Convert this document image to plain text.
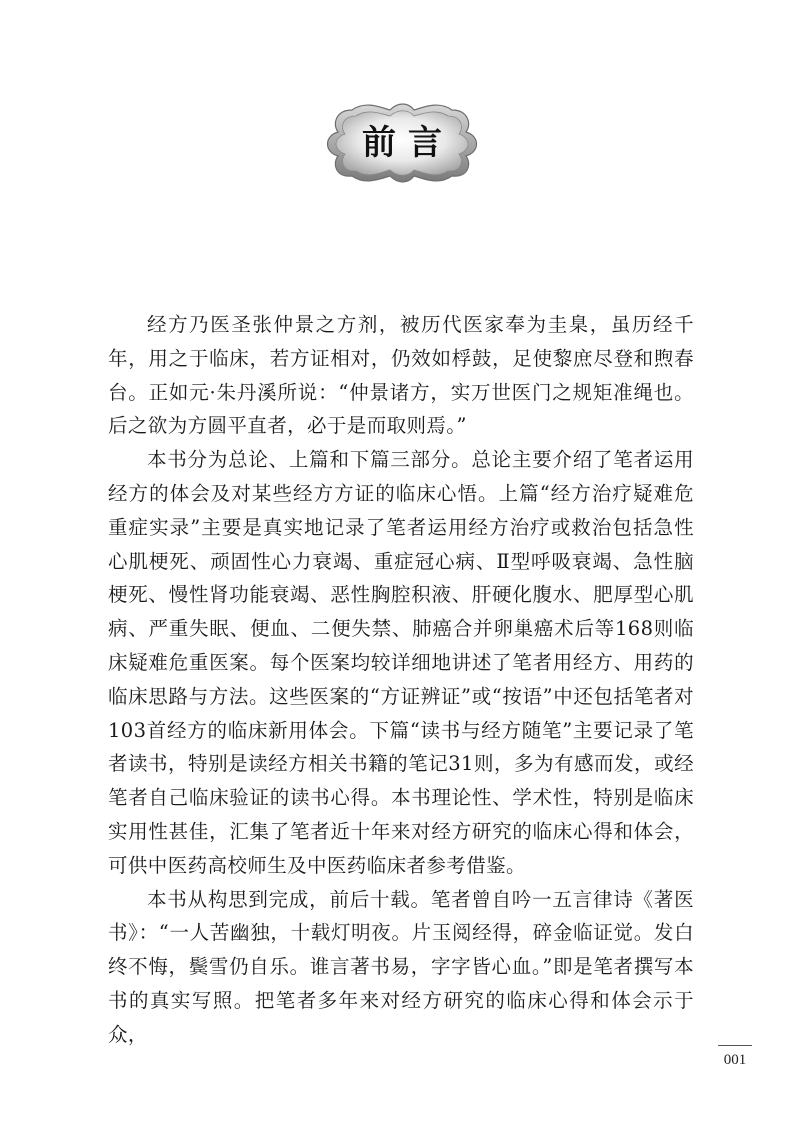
前言

经方乃医圣张仲景之方剂，被历代医家奉为圭臬，虽历经千年，用之于临床，若方证相对，仍效如桴鼓，足使黎庶尽登和煦春台。正如元·朱丹溪所说：“仲景诸方，实万世医门之规矩准绳也。后之欲为方圆平直者，必于是而取则焉。”

本书分为总论、上篇和下篇三部分。总论主要介绍了笔者运用经方的体会及对某些经方方证的临床心悟。上篇“经方治疗疑难危重症实录”主要是真实地记录了笔者运用经方治疗或救治包括急性心肌梗死、顽固性心力衰竭、重症冠心病、Ⅱ型呼吸衰竭、急性脑梗死、慢性肾功能衰竭、恶性胸腔积液、肝硬化腹水、肥厚型心肌病、严重失眠、便血、二便失禁、肺癌合并卵巢癌术后等168则临床疑难危重医案。每个医案均较详细地讲述了笔者用经方、用药的临床思路与方法。这些医案的“方证辨证”或“按语”中还包括笔者对103首经方的临床新用体会。下篇“读书与经方随笔”主要记录了笔者读书，特别是读经方相关书籍的笔记31则，多为有感而发，或经笔者自己临床验证的读书心得。本书理论性、学术性，特别是临床实用性甚佳，汇集了笔者近十年来对经方研究的临床心得和体会，可供中医药高校师生及中医药临床者参考借鉴。

本书从构思到完成，前后十载。笔者曾自吟一五言律诗《著医书》：“一人苦幽独，十载灯明夜。片玉阅经得，碎金临证觉。发白终不悔，鬓雪仍自乐。谁言著书易，字字皆心血。”即是笔者撰写本书的真实写照。把笔者多年来对经方研究的临床心得和体会示于众，

001
